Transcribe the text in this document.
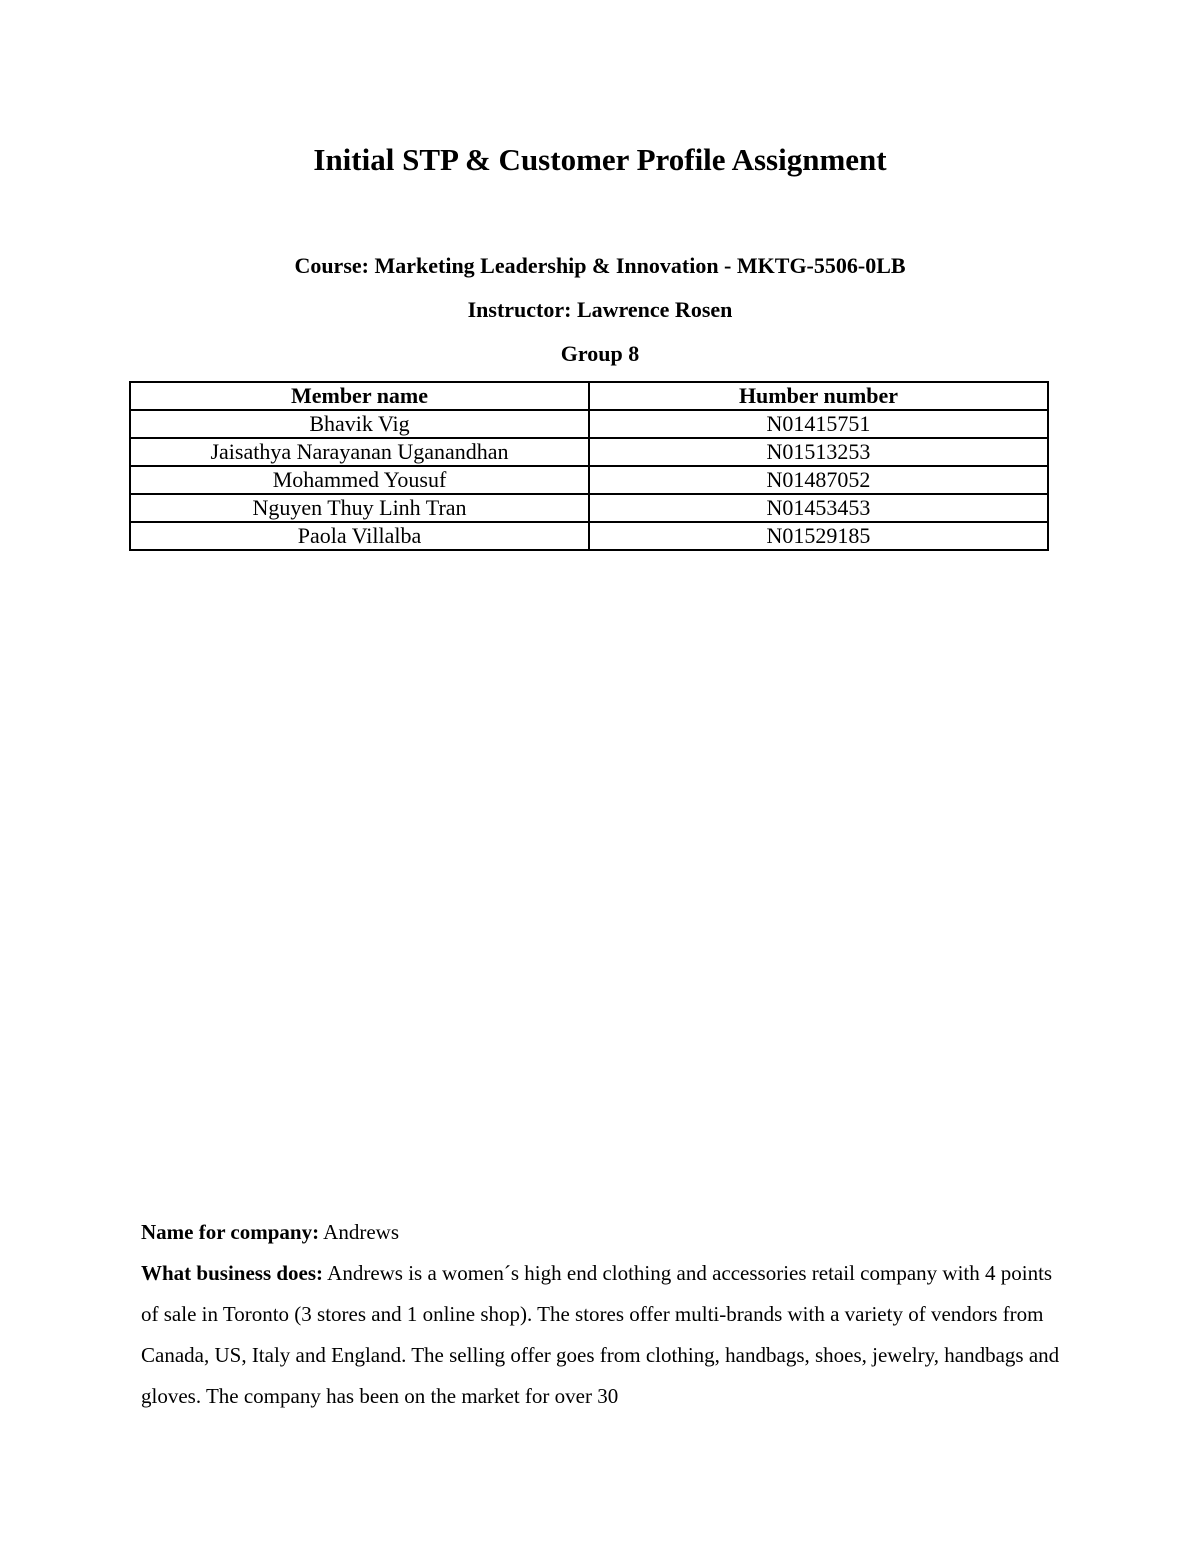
Initial STP & Customer Profile Assignment
Course: Marketing Leadership & Innovation - MKTG-5506-0LB
Instructor: Lawrence Rosen
Group 8
Member name	Humber number
Bhavik Vig	N01415751
Jaisathya Narayanan Uganandhan	N01513253
Mohammed Yousuf	N01487052
Nguyen Thuy Linh Tran	N01453453
Paola Villalba	N01529185

Name for company: Andrews

What business does: Andrews is a women´s high end clothing and accessories retail company with 4 points of sale in Toronto (3 stores and 1 online shop). The stores offer multi-brands with a variety of vendors from Canada, US, Italy and England. The selling offer goes from clothing, handbags, shoes, jewelry, handbags and gloves. The company has been on the market for over 30
